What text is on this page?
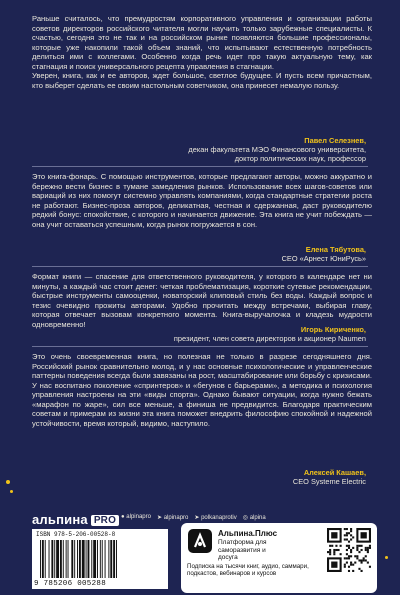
Раньше считалось, что премудростям корпоративного управления и организации работы советов директоров российского читателя могли научить только зарубежные специалисты. К счастью, сегодня это не так и на российском рынке появляются большие профессионалы, которые уже накопили такой объем знаний, что испытывают естественную потребность делиться ими с коллегами. Особенно когда речь идет про такую актуальную тему, как стагнация и поиск универсального рецепта управления в стагнации.

Уверен, книга, как и ее авторов, ждет большое, светлое будущее. И пусть всем причастным, кто выберет сделать ее своим настольным советчиком, она принесет немалую пользу.

Павел Селезнев,
декан факультета МЭО Финансового университета,
доктор политических наук, профессор

Это книга-фонарь. С помощью инструментов, которые предлагают авторы, можно аккуратно и бережно вести бизнес в тумане замедления рынков. Использование всех шагов-советов или вариаций из них помогут системно управлять компаниями, когда стандартные стратегии роста не работают. Бизнес-проза авторов, деликатная, честная и сдержанная, даст руководителю редкий бонус: спокойствие, с которого и начинается движение. Эта книга не учит побеждать — она учит оставаться успешным, когда рынок погружается в сон.

Елена Тябутова,
CEO «Арнест ЮниРусь»

Формат книги — спасение для ответственного руководителя, у которого в календаре нет ни минуты, а каждый час стоит денег: четкая проблематизация, короткие сутевые рекомендации, быстрые инструменты самооценки, новаторский клиповый стиль без воды. Каждый вопрос и тезис очевидно прожиты авторами. Удобно прочитать между встречами, выбирая главу, которая отвечает вызовам конкретного момента. Книга-выручалочка и кладезь мудрости одновременно!

Игорь Кириченко,
президент, член совета директоров и акционер Naumen

Это очень своевременная книга, но полезная не только в разрезе сегодняшнего дня. Российский рынок сравнительно молод, и у нас основные психологические и управленческие паттерны поведения всегда были завязаны на рост, масштабирование или борьбу с кризисами. У нас воспитано поколение «спринтеров» и «бегунов с барьерами», а методика и психология управления настроены на эти «виды спорта». Однако бывают ситуации, когда нужно бежать «марафон по жаре», сил все меньше, а финиша не предвидится. Благодаря практическим советам и примерам из жизни эта книга поможет внедрить философию спокойной и надежной устойчивости, время который, видимо, наступило.

Алексей Кашаев,
CEO Systeme Electric
альпина PRO ● alpinapro ➤ alpinapro ➤ polkanaprotiv ◎ alpina
ISBN 978-5-206-00528-8
9 785206 005288
Альпина.Плюс
Платформа для саморазвития и досуга
Подписка на тысячи книг, аудио, саммари, подкастов, вебинаров и курсов
